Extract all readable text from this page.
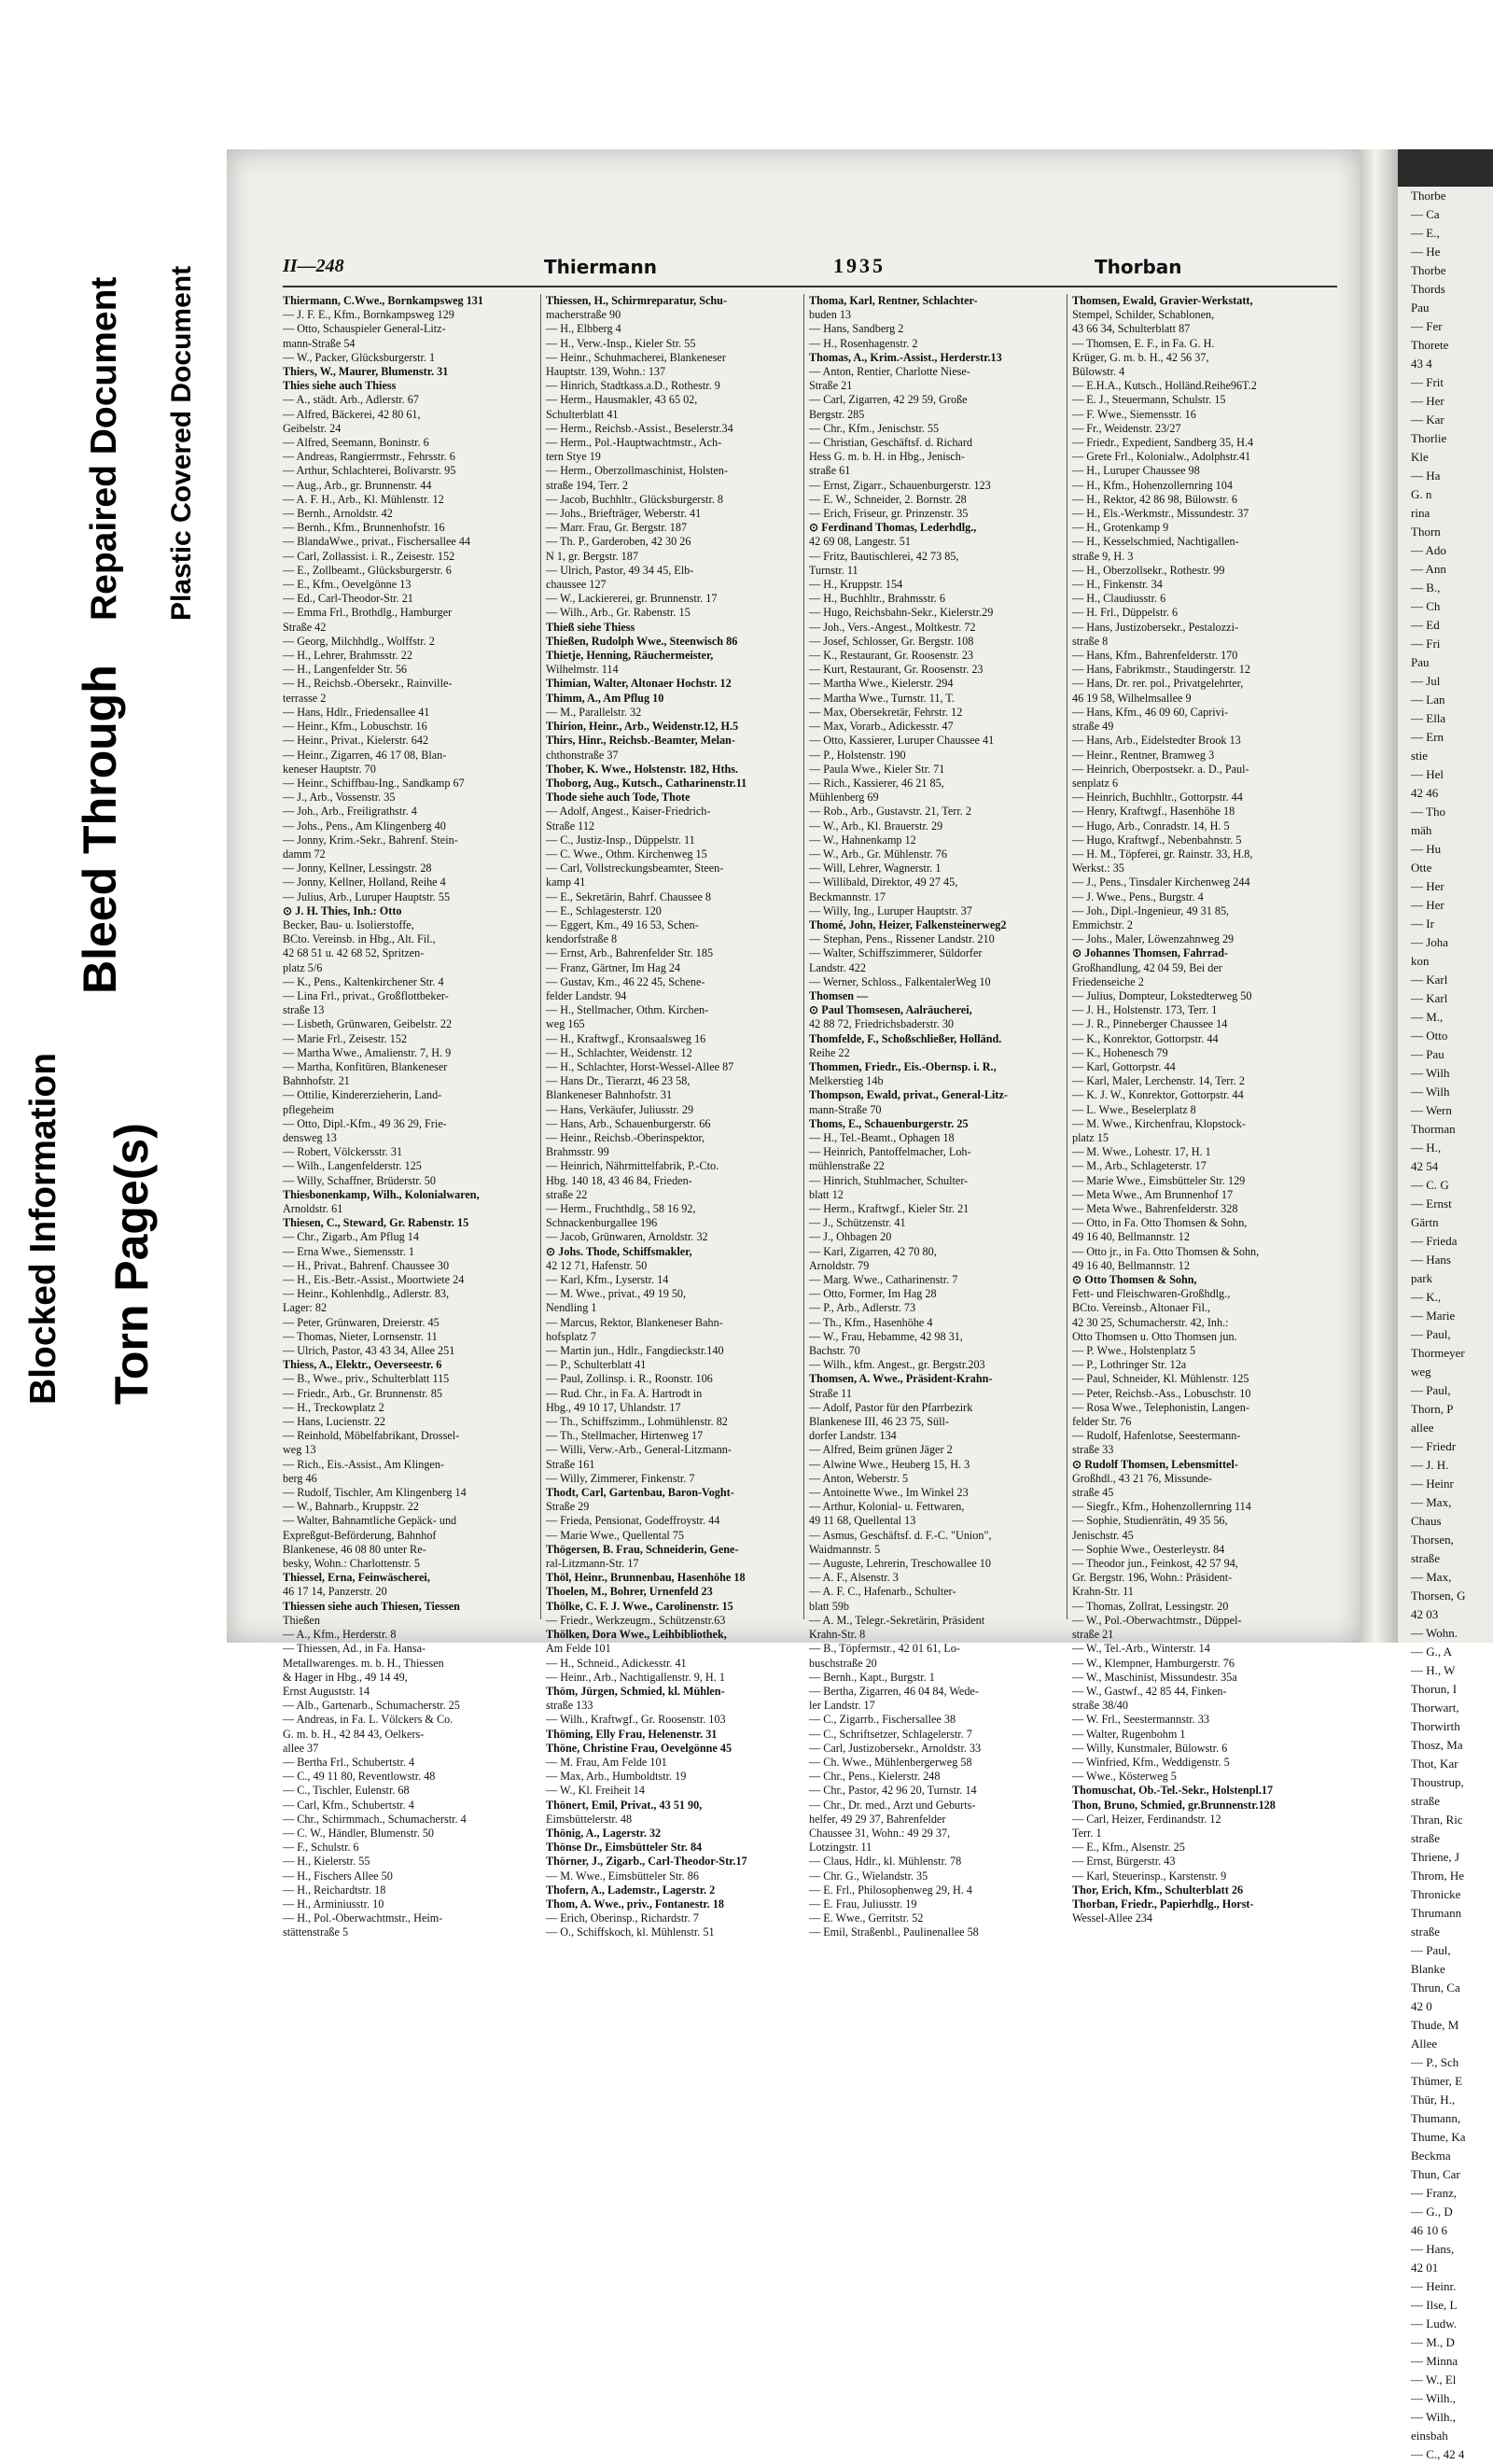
Torn Page(s)
Blocked Information
Bleed Through
Repaired Document Plastic Covered Document	II—248	Thiermann	1935	Thorban
Thiermann, C.Wwe., Bornkampsweg 131
— J. F. E., Kfm., Bornkampsweg 129
— Otto, Schauspieler General-Litz-
mann-Straße 54
— W., Packer, Glücksburgerstr. 1
Thiers, W., Maurer, Blumenstr. 31
Thies siehe auch Thiess
— A., städt. Arb., Adlerstr. 67
— Alfred, Bäckerei, 42 80 61,
Geibelstr. 24
— Alfred, Seemann, Boninstr. 6
— Andreas, Rangierrmstr., Fehrsstr. 6
— Arthur, Schlachterei, Bolivarstr. 95
— Aug., Arb., gr. Brunnenstr. 44
— A. F. H., Arb., Kl. Mühlenstr. 12
— Bernh., Arnoldstr. 42
— Bernh., Kfm., Brunnenhofstr. 16
— BlandaWwe., privat., Fischersallee 44
— Carl, Zollassist. i. R., Zeisestr. 152
— E., Zollbeamt., Glücksburgerstr. 6
— E., Kfm., Oevelgönne 13
— Ed., Carl-Theodor-Str. 21
— Emma Frl., Brothdlg., Hamburger
Straße 42
— Georg, Milchhdlg., Wolffstr. 2
— H., Lehrer, Brahmsstr. 22
— H., Langenfelder Str. 56
— H., Reichsb.-Obersekr., Rainville-
terrasse 2
— Hans, Hdlr., Friedensallee 41
— Heinr., Kfm., Lobuschstr. 16
— Heinr., Privat., Kielerstr. 642
— Heinr., Zigarren, 46 17 08, Blan-
keneser Hauptstr. 70
— Heinr., Schiffbau-Ing., Sandkamp 67
— J., Arb., Vossenstr. 35
— Joh., Arb., Freiligrathstr. 4
— Johs., Pens., Am Klingenberg 40
— Jonny, Krim.-Sekr., Bahrenf. Stein-
damm 72
— Jonny, Kellner, Lessingstr. 28
— Jonny, Kellner, Holland, Reihe 4
— Julius, Arb., Luruper Hauptstr. 55
⊙ J. H. Thies, Inh.: Otto
Becker, Bau- u. Isolierstoffe,
BCto. Vereinsb. in Hbg., Alt. Fil.,
42 68 51 u. 42 68 52, Spritzen-
platz 5/6
— K., Pens., Kaltenkirchener Str. 4
— Lina Frl., privat., Großflottbeker-
straße 13
— Lisbeth, Grünwaren, Geibelstr. 22
— Marie Frl., Zeisestr. 152
— Martha Wwe., Amalienstr. 7, H. 9
— Martha, Konfitüren, Blankeneser
Bahnhofstr. 21
— Ottilie, Kindererzieherin, Land-
pflegeheim
— Otto, Dipl.-Kfm., 49 36 29, Frie-
densweg 13
— Robert, Völckersstr. 31
— Wilh., Langenfelderstr. 125
— Willy, Schaffner, Brüderstr. 50
Thiesbonenkamp, Wilh., Kolonialwaren,
Arnoldstr. 61
Thiesen, C., Steward, Gr. Rabenstr. 15
— Chr., Zigarb., Am Pflug 14
— Erna Wwe., Siemensstr. 1
— H., Privat., Bahrenf. Chaussee 30
— H., Eis.-Betr.-Assist., Moortwiete 24
— Heinr., Kohlenhdlg., Adlerstr. 83,
Lager: 82
— Peter, Grünwaren, Dreierstr. 45
— Thomas, Nieter, Lornsenstr. 11
— Ulrich, Pastor, 43 43 34, Allee 251
Thiess, A., Elektr., Oeverseestr. 6
— B., Wwe., priv., Schulterblatt 115
— Friedr., Arb., Gr. Brunnenstr. 85
— H., Treckowplatz 2
— Hans, Lucienstr. 22
— Reinhold, Möbelfabrikant, Drossel-
weg 13
— Rich., Eis.-Assist., Am Klingen-
berg 46
— Rudolf, Tischler, Am Klingenberg 14
— W., Bahnarb., Kruppstr. 22
— Walter, Bahnamtliche Gepäck- und
Expreßgut-Beförderung, Bahnhof
Blankenese, 46 08 80 unter Re-
besky, Wohn.: Charlottenstr. 5
Thiessel, Erna, Feinwäscherei,
46 17 14, Panzerstr. 20
Thiessen siehe auch Thiesen, Tiessen
Thießen
— A., Kfm., Herderstr. 8
— Thiessen, Ad., in Fa. Hansa-
Metallwarenges. m. b. H., Thiessen
& Hager in Hbg., 49 14 49,
Ernst Auguststr. 14
— Alb., Gartenarb., Schumacherstr. 25
— Andreas, in Fa. L. Völckers & Co.
G. m. b. H., 42 84 43, Oelkers-
allee 37
— Bertha Frl., Schubertstr. 4
— C., 49 11 80, Reventlowstr. 48
— C., Tischler, Eulenstr. 68
— Carl, Kfm., Schubertstr. 4
— Chr., Schirmmach., Schumacherstr. 4
— C. W., Händler, Blumenstr. 50
— F., Schulstr. 6
— H., Kielerstr. 55
— H., Fischers Allee 50
— H., Reichardtstr. 18
— H., Arminiusstr. 10
— H., Pol.-Oberwachtmstr., Heim-
stättenstraße 5
Thiessen, H., Schirmreparatur, Schu-
macherstraße 90
— H., Elbberg 4
— H., Verw.-Insp., Kieler Str. 55
— Heinr., Schuhmacherei, Blankeneser
Hauptstr. 139, Wohn.: 137
— Hinrich, Stadtkass.a.D., Rothestr. 9
— Herm., Hausmakler, 43 65 02,
Schulterblatt 41
— Herm., Reichsb.-Assist., Beselerstr.34
— Herm., Pol.-Hauptwachtmstr., Ach-
tern Stye 19
— Herm., Oberzollmaschinist, Holsten-
straße 194, Terr. 2
— Jacob, Buchhltr., Glücksburgerstr. 8
— Johs., Briefträger, Weberstr. 41
— Marr. Frau, Gr. Bergstr. 187
— Th. P., Garderoben, 42 30 26
N 1, gr. Bergstr. 187
— Ulrich, Pastor, 49 34 45, Elb-
chaussee 127
— W., Lackiererei, gr. Brunnenstr. 17
— Wilh., Arb., Gr. Rabenstr. 15
Thieß siehe Thiess
Thießen, Rudolph Wwe., Steenwisch 86
Thietje, Henning, Räuchermeister,
Wilhelmstr. 114
Thimian, Walter, Altonaer Hochstr. 12
Thimm, A., Am Pflug 10
— M., Parallelstr. 32
Thirion, Heinr., Arb., Weidenstr.12, H.5
Thirs, Hinr., Reichsb.-Beamter, Melan-
chthonstraße 37
Thober, K. Wwe., Holstenstr. 182, Hths.
Thoborg, Aug., Kutsch., Catharinenstr.11
Thode siehe auch Tode, Thote
— Adolf, Angest., Kaiser-Friedrich-
Straße 112
— C., Justiz-Insp., Düppelstr. 11
— C. Wwe., Othm. Kirchenweg 15
— Carl, Vollstreckungsbeamter, Steen-
kamp 41
— E., Sekretärin, Bahrf. Chaussee 8
— E., Schlagesterstr. 120
— Eggert, Km., 49 16 53, Schen-
kendorfstraße 8
— Ernst, Arb., Bahrenfelder Str. 185
— Franz, Gärtner, Im Hag 24
— Gustav, Km., 46 22 45, Schene-
felder Landstr. 94
— H., Stellmacher, Othm. Kirchen-
weg 165
— H., Kraftwgf., Kronsaalsweg 16
— H., Schlachter, Weidenstr. 12
— H., Schlachter, Horst-Wessel-Allee 87
— Hans Dr., Tierarzt, 46 23 58,
Blankeneser Bahnhofstr. 31
— Hans, Verkäufer, Juliusstr. 29
— Hans, Arb., Schauenburgerstr. 66
— Heinr., Reichsb.-Oberinspektor,
Brahmsstr. 99
— Heinrich, Nährmittelfabrik, P.-Cto.
Hbg. 140 18, 43 46 84, Frieden-
straße 22
— Herm., Fruchthdlg., 58 16 92,
Schnackenburgallee 196
— Jacob, Grünwaren, Arnoldstr. 32
⊙ Johs. Thode, Schiffsmakler,
42 12 71, Hafenstr. 50
— Karl, Kfm., Lyserstr. 14
— M. Wwe., privat., 49 19 50,
Nendling 1
— Marcus, Rektor, Blankeneser Bahn-
hofsplatz 7
— Martin jun., Hdlr., Fangdieckstr.140
— P., Schulterblatt 41
— Paul, Zollinsp. i. R., Roonstr. 106
— Rud. Chr., in Fa. A. Hartrodt in
Hbg., 49 10 17, Uhlandstr. 17
— Th., Schiffszimm., Lohmühlenstr. 82
— Th., Stellmacher, Hirtenweg 17
— Willi, Verw.-Arb., General-Litzmann-
Straße 161
— Willy, Zimmerer, Finkenstr. 7
Thodt, Carl, Gartenbau, Baron-Voght-
Straße 29
— Frieda, Pensionat, Godeffroystr. 44
— Marie Wwe., Quellental 75
Thögersen, B. Frau, Schneiderin, Gene-
ral-Litzmann-Str. 17
Thöl, Heinr., Brunnenbau, Hasenhöhe 18
Thoelen, M., Bohrer, Urnenfeld 23
Thölke, C. F. J. Wwe., Carolinenstr. 15
— Friedr., Werkzeugm., Schützenstr.63
Thölken, Dora Wwe., Leihbibliothek,
Am Felde 101
— H., Schneid., Adickesstr. 41
— Heinr., Arb., Nachtigallenstr. 9, H. 1
Thöm, Jürgen, Schmied, kl. Mühlen-
straße 133
— Wilh., Kraftwgf., Gr. Roosenstr. 103
Thöming, Elly Frau, Helenenstr. 31
Thöne, Christine Frau, Oevelgönne 45
— M. Frau, Am Felde 101
— Max, Arb., Humboldtstr. 19
— W., Kl. Freiheit 14
Thönert, Emil, Privat., 43 51 90,
Eimsbüttelerstr. 48
Thönig, A., Lagerstr. 32
Thönse Dr., Eimsbütteler Str. 84
Thörner, J., Zigarb., Carl-Theodor-Str.17
— M. Wwe., Eimsbütteler Str. 86
Thofern, A., Lademstr., Lagerstr. 2
Thom, A. Wwe., priv., Fontanestr. 18
— Erich, Oberinsp., Richardstr. 7
— O., Schiffskoch, kl. Mühlenstr. 51
Thoma, Karl, Rentner, Schlachter-
buden 13
— Hans, Sandberg 2
— H., Rosenhagenstr. 2
Thomas, A., Krim.-Assist., Herderstr.13
— Anton, Rentier, Charlotte Niese-
Straße 21
— Carl, Zigarren, 42 29 59, Große
Bergstr. 285
— Chr., Kfm., Jenischstr. 55
— Christian, Geschäftsf. d. Richard
Hess G. m. b. H. in Hbg., Jenisch-
straße 61
— Ernst, Zigarr., Schauenburgerstr. 123
— E. W., Schneider, 2. Bornstr. 28
— Erich, Friseur, gr. Prinzenstr. 35
⊙ Ferdinand Thomas, Lederhdlg.,
42 69 08, Langestr. 51
— Fritz, Bautischlerei, 42 73 85,
Turnstr. 11
— H., Kruppstr. 154
— H., Buchhltr., Brahmsstr. 6
— Hugo, Reichsbahn-Sekr., Kielerstr.29
— Joh., Vers.-Angest., Moltkestr. 72
— Josef, Schlosser, Gr. Bergstr. 108
— K., Restaurant, Gr. Roosenstr. 23
— Kurt, Restaurant, Gr. Roosenstr. 23
— Martha Wwe., Kielerstr. 294
— Martha Wwe., Turnstr. 11, T.
— Max, Obersekretär, Fehrstr. 12
— Max, Vorarb., Adickesstr. 47
— Otto, Kassierer, Luruper Chaussee 41
— P., Holstenstr. 190
— Paula Wwe., Kieler Str. 71
— Rich., Kassierer, 46 21 85,
Mühlenberg 69
— Rob., Arb., Gustavstr. 21, Terr. 2
— W., Arb., Kl. Brauerstr. 29
— W., Hahnenkamp 12
— W., Arb., Gr. Mühlenstr. 76
— Will, Lehrer, Wagnerstr. 1
— Willibald, Direktor, 49 27 45,
Beckmannstr. 17
— Willy, Ing., Luruper Hauptstr. 37
Thomé, John, Heizer, Falkensteinerweg2
— Stephan, Pens., Rissener Landstr. 210
— Walter, Schiffszimmerer, Süldorfer
Landstr. 422
— Werner, Schloss., FalkentalerWeg 10
Thomsen —
⊙ Paul Thomsesen, Aalräucherei,
42 88 72, Friedrichsbaderstr. 30
Thomfelde, F., Schoßschließer, Holländ.
Reihe 22
Thommen, Friedr., Eis.-Obernsp. i. R.,
Melkerstieg 14b
Thompson, Ewald, privat., General-Litz-
mann-Straße 70
Thoms, E., Schauenburgerstr. 25
— H., Tel.-Beamt., Ophagen 18
— Heinrich, Pantoffelmacher, Loh-
mühlenstraße 22
— Hinrich, Stuhlmacher, Schulter-
blatt 12
— Herm., Kraftwgf., Kieler Str. 21
— J., Schützenstr. 41
— J., Ohbagen 20
— Karl, Zigarren, 42 70 80,
Arnoldstr. 79
— Marg. Wwe., Catharinenstr. 7
— Otto, Former, Im Hag 28
— P., Arb., Adlerstr. 73
— Th., Kfm., Hasenhöhe 4
— W., Frau, Hebamme, 42 98 31,
Bachstr. 70
— Wilh., kfm. Angest., gr. Bergstr.203
Thomsen, A. Wwe., Präsident-Krahn-
Straße 11
— Adolf, Pastor für den Pfarrbezirk
Blankenese III, 46 23 75, Süll-
dorfer Landstr. 134
— Alfred, Beim grünen Jäger 2
— Alwine Wwe., Heuberg 15, H. 3
— Anton, Weberstr. 5
— Antoinette Wwe., Im Winkel 23
— Arthur, Kolonial- u. Fettwaren,
49 11 68, Quellental 13
— Asmus, Geschäftsf. d. F.-C. "Union",
Waidmannstr. 5
— Auguste, Lehrerin, Treschowallee 10
— A. F., Alsenstr. 3
— A. F. C., Hafenarb., Schulter-
blatt 59b
— A. M., Telegr.-Sekretärin, Präsident
Krahn-Str. 8
— B., Töpfermstr., 42 01 61, Lo-
buschstraße 20
— Bernh., Kapt., Burgstr. 1
— Bertha, Zigarren, 46 04 84, Wede-
ler Landstr. 17
— C., Zigarrb., Fischersallee 38
— C., Schriftsetzer, Schlagelerstr. 7
— Carl, Justizobersekr., Arnoldstr. 33
— Ch. Wwe., Mühlenbergerweg 58
— Chr., Pens., Kielerstr. 248
— Chr., Pastor, 42 96 20, Turnstr. 14
— Chr., Dr. med., Arzt und Geburts-
helfer, 49 29 37, Bahrenfelder
Chaussee 31, Wohn.: 49 29 37,
Lotzingstr. 11
— Claus, Hdlr., kl. Mühlenstr. 78
— Chr. G., Wielandstr. 35
— E. Frl., Philosophenweg 29, H. 4
— E. Frau, Juliusstr. 19
— E. Wwe., Gerritstr. 52
— Emil, Straßenbl., Paulinenallee 58
Thomsen, Ewald, Gravier-Werkstatt,
Stempel, Schilder, Schablonen,
43 66 34, Schulterblatt 87
— Thomsen, E. F., in Fa. G. H.
Krüger, G. m. b. H., 42 56 37,
Bülowstr. 4
— E.H.A., Kutsch., Holländ.Reihe96T.2
— E. J., Steuermann, Schulstr. 15
— F. Wwe., Siemensstr. 16
— Fr., Weidenstr. 23/27
— Friedr., Expedient, Sandberg 35, H.4
— Grete Frl., Kolonialw., Adolphstr.41
— H., Luruper Chaussee 98
— H., Kfm., Hohenzollernring 104
— H., Rektor, 42 86 98, Bülowstr. 6
— H., Els.-Werkmstr., Missundestr. 37
— H., Grotenkamp 9
— H., Kesselschmied, Nachtigallen-
straße 9, H. 3
— H., Oberzollsekr., Rothestr. 99
— H., Finkenstr. 34
— H., Claudiusstr. 6
— H. Frl., Düppelstr. 6
— Hans, Justizobersekr., Pestalozzi-
straße 8
— Hans, Kfm., Bahrenfelderstr. 170
— Hans, Fabrikmstr., Staudingerstr. 12
— Hans, Dr. rer. pol., Privatgelehrter,
46 19 58, Wilhelmsallee 9
— Hans, Kfm., 46 09 60, Caprivi-
straße 49
— Hans, Arb., Eidelstedter Brook 13
— Heinr., Rentner, Bramweg 3
— Heinrich, Oberpostsekr. a. D., Paul-
senplatz 6
— Heinrich, Buchhltr., Gottorpstr. 44
— Henry, Kraftwgf., Hasenhöhe 18
— Hugo, Arb., Conradstr. 14, H. 5
— Hugo, Kraftwgf., Nebenbahnstr. 5
— H. M., Töpferei, gr. Rainstr. 33, H.8,
Werkst.: 35
— J., Pens., Tinsdaler Kirchenweg 244
— J. Wwe., Pens., Burgstr. 4
— Joh., Dipl.-Ingenieur, 49 31 85,
Emmichstr. 2
— Johs., Maler, Löwenzahnweg 29
⊙ Johannes Thomsen, Fahrrad-
Großhandlung, 42 04 59, Bei der
Friedenseiche 2
— Julius, Dompteur, Lokstedterweg 50
— J. H., Holstenstr. 173, Terr. 1
— J. R., Pinneberger Chaussee 14
— K., Konrektor, Gottorpstr. 44
— K., Hohenesch 79
— Karl, Gottorpstr. 44
— Karl, Maler, Lerchenstr. 14, Terr. 2
— K. J. W., Konrektor, Gottorpstr. 44
— L. Wwe., Beselerplatz 8
— M. Wwe., Kirchenfrau, Klopstock-
platz 15
— M. Wwe., Lohestr. 17, H. 1
— M., Arb., Schlageterstr. 17
— Marie Wwe., Eimsbütteler Str. 129
— Meta Wwe., Am Brunnenhof 17
— Meta Wwe., Bahrenfelderstr. 328
— Otto, in Fa. Otto Thomsen & Sohn,
49 16 40, Bellmannstr. 12
— Otto jr., in Fa. Otto Thomsen & Sohn,
49 16 40, Bellmannstr. 12
⊙ Otto Thomsen & Sohn,
Fett- und Fleischwaren-Großhdlg.,
BCto. Vereinsb., Altonaer Fil.,
42 30 25, Schumacherstr. 42, Inh.:
Otto Thomsen u. Otto Thomsen jun.
— P. Wwe., Holstenplatz 5
— P., Lothringer Str. 12a
— Paul, Schneider, Kl. Mühlenstr. 125
— Peter, Reichsb.-Ass., Lobuschstr. 10
— Rosa Wwe., Telephonistin, Langen-
felder Str. 76
— Rudolf, Hafenlotse, Seestermann-
straße 33
⊙ Rudolf Thomsen, Lebensmittel-
Großhdl., 43 21 76, Missunde-
straße 45
— Siegfr., Kfm., Hohenzollernring 114
— Sophie, Studienrätin, 49 35 56,
Jenischstr. 45
— Sophie Wwe., Oesterleystr. 84
— Theodor jun., Feinkost, 42 57 94,
Gr. Bergstr. 196, Wohn.: Präsident-
Krahn-Str. 11
— Thomas, Zollrat, Lessingstr. 20
— W., Pol.-Oberwachtmstr., Düppel-
straße 21
— W., Tel.-Arb., Winterstr. 14
— W., Klempner, Hamburgerstr. 76
— W., Maschinist, Missundestr. 35a
— W., Gastwf., 42 85 44, Finken-
straße 38/40
— W. Frl., Seestermannstr. 33
— Walter, Rugenbohm 1
— Willy, Kunstmaler, Bülowstr. 6
— Winfried, Kfm., Weddigenstr. 5
— Wwe., Kösterweg 5
Thomuschat, Ob.-Tel.-Sekr., Holstenpl.17
Thon, Bruno, Schmied, gr.Brunnenstr.128
— Carl, Heizer, Ferdinandstr. 12
Terr. 1
— E., Kfm., Alsenstr. 25
— Ernst, Bürgerstr. 43
— Karl, Steuerinsp., Karstenstr. 9
Thor, Erich, Kfm., Schulterblatt 26
Thorban, Friedr., Papierhdlg., Horst-
Wessel-Allee 234
Thorbe
— Ca
— E.,
— He
Thorbe
Thords
Pau
— Fer
Thorete
43 4
— Frit
— Her
— Kar
Thorlie
Kle
— Ha
G. n
rina
Thorn
— Ado
— Ann
— B.,
— Ch
— Ed
— Fri
Pau
— Jul
— Lan
— Ella
— Ern
stie
— Hel
42 46
— Tho
mäh
— Hu
Otte
— Her
— Her
— Ir
— Joha
kon
— Karl
— Karl
— M.,
— Otto
— Pau
— Wilh
— Wilh
— Wern
Thorman
— H.,
42 54
— C. G
— Ernst
Gärtn
— Frieda
— Hans
park
— K.,
— Marie
— Paul,
Thormeyer
weg
— Paul,
Thorn, P
allee
— Friedr
— J. H.
— Heinr
— Max,
Chaus
Thorsen,
straße
— Max,
Thorsen, G
42 03
— Wohn.
— G., A
— H., W
Thorun, I
Thorwart,
Thorwirth
Thosz, Ma
Thot, Kar
Thoustrup,
straße
Thran, Ric
straße
Thriene, J
Throm, He
Thronicke
Thrumann
straße
— Paul,
Blanke
Thrun, Ca
42 0
Thude, M
Allee
— P., Sch
Thümer, E
Thür, H.,
Thumann,
Thume, Ka
Beckma
Thun, Car
— Franz,
— G., D
46 10 6
— Hans,
42 01
— Heinr.
— Ilse, L
— Ludw.
— M., D
— Minna
— W., El
— Wilh.,
— Wilh.,
einsbah
— C., 42 4
